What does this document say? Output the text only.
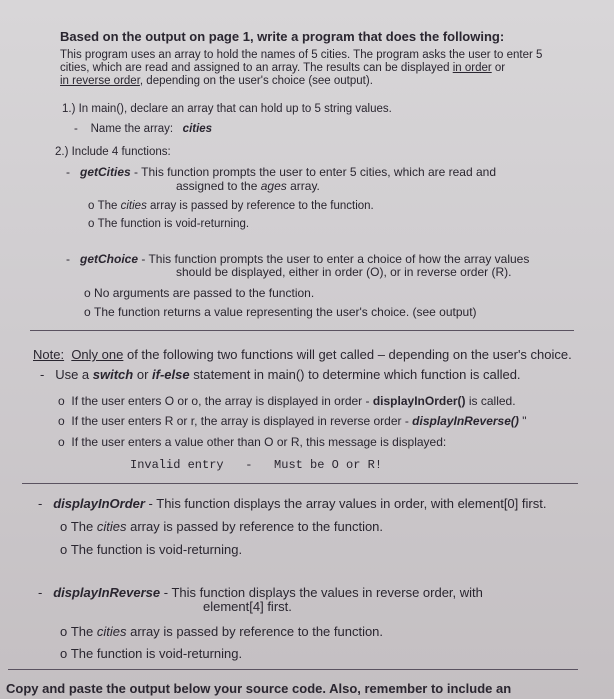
Based on the output on page 1, write a program that does the following:
This program uses an array to hold the names of 5 cities. The program asks the user to enter 5
cities, which are read and assigned to an array. The results can be displayed in order or
in reverse order, depending on the user's choice (see output).
1.) In main(), declare an array that can hold up to 5 string values.
- Name the array: cities
2.) Include 4 functions:
- getCities - This function prompts the user to enter 5 cities, which are read and
assigned to the ages array.
o The cities array is passed by reference to the function.
o The function is void-returning.
- getChoice - This function prompts the user to enter a choice of how the array values
should be displayed, either in order (O), or in reverse order (R).
o No arguments are passed to the function.
o The function returns a value representing the user's choice. (see output)
Note: Only one of the following two functions will get called – depending on the user's choice.
- Use a switch or if-else statement in main() to determine which function is called.
o If the user enters O or o, the array is displayed in order - displayInOrder() is called.
o If the user enters R or r, the array is displayed in reverse order - displayInReverse() "
o If the user enters a value other than O or R, this message is displayed:
Invalid entry - Must be O or R!
- displayInOrder - This function displays the array values in order, with element[0] first.
o The cities array is passed by reference to the function.
o The function is void-returning.
- displayInReverse - This function displays the values in reverse order, with
element[4] first.
o The cities array is passed by reference to the function.
o The function is void-returning.
Copy and paste the output below your source code. Also, remember to include an
